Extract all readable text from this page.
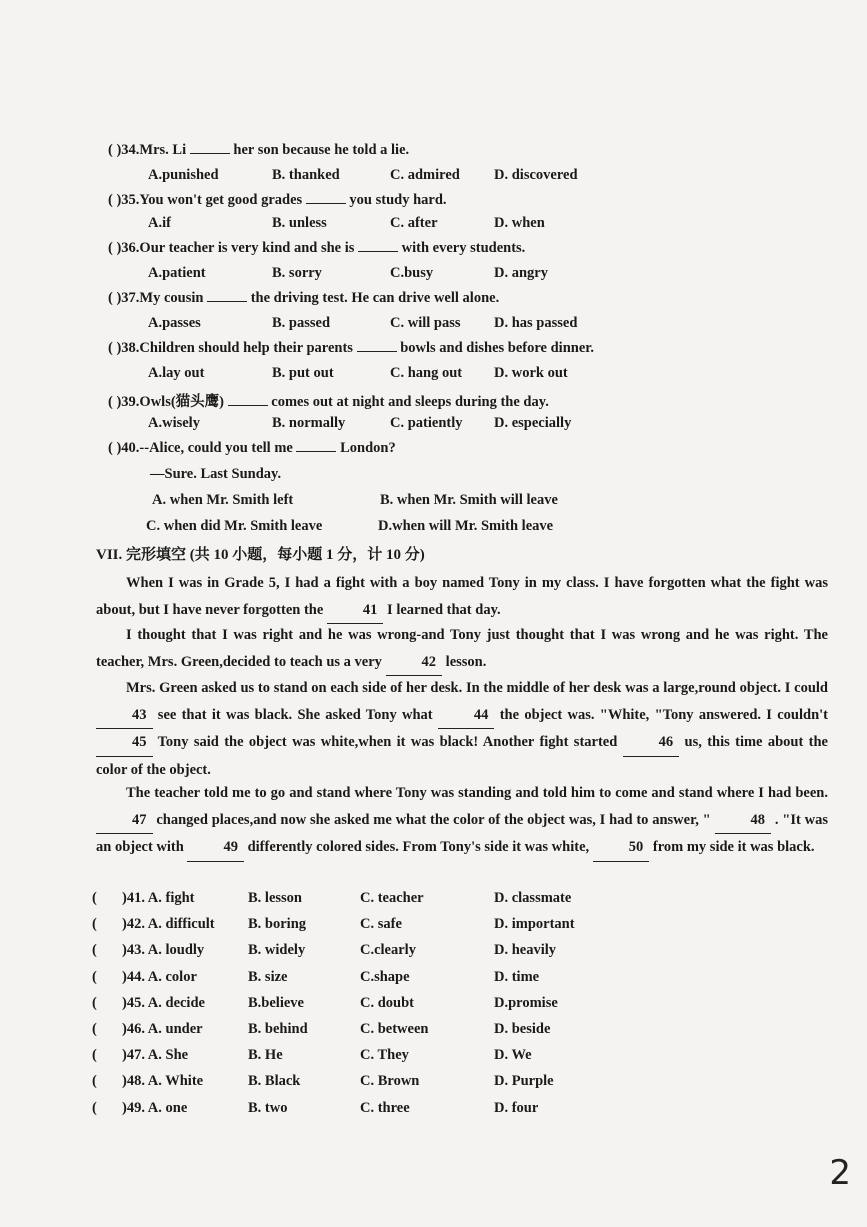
( )34.Mrs. Li	her son because he told a lie.
A.punished	B. thanked	C. admired D. discovered
( )35.You won't get good grades	you study hard.
A.if	B. unless	C. after	D. when
( )36.Our teacher is very kind and she is	with every students.
A.patient	B. sorry	C.busy	D. angry
( )37.My cousin	the driving test. He can drive well alone.
A.passes	B. passed	C. will pass D. has passed
( )38.Children should help their parents	bowls and dishes before dinner.
A.lay out	B. put out	C. hang out D. work out
( )39.Owls(猫头鹰)	comes out at night and sleeps during the day.
A.wisely	B. normally	C. patiently D. especially
( )40.--Alice, could you tell me	London?
—Sure. Last Sunday.
A. when Mr. Smith left	B. when Mr. Smith will leave
C. when did Mr. Smith leave	D.when will Mr. Smith leave
VII. 完形填空 (共 10 小题，每小题 1 分，计 10 分)
When I was in Grade 5, I had a fight with a boy named Tony in my class. I have forgotten what the fight was about, but I have never forgotten the 41 I learned that day.
I thought that I was right and he was wrong-and Tony just thought that I was wrong and he was right. The teacher, Mrs. Green,decided to teach us a very 42 lesson.
Mrs. Green asked us to stand on each side of her desk. In the middle of her desk was a large,round object. I could 43 see that it was black. She asked Tony what 44 the object was. "White, "Tony answered. I couldn't 45 Tony said the object was white,when it was black! Another fight started 46 us, this time about the color of the object.
The teacher told me to go and stand where Tony was standing and told him to come and stand where I had been. 47 changed places,and now she asked me what the color of the object was, I had to answer, " 48 . "It was an object with 49 differently colored sides. From Tony's side it was white, 50 from my side it was black.
( )41. A. fight	B. lesson	C. teacher	D. classmate
( )42. A. difficult B. boring	C. safe	D. important
( )43. A. loudly	B. widely	C.clearly	D. heavily
( )44. A. color	B. size	C.shape	D. time
( )45. A. decide	B.believe	C. doubt	D.promise
( )46. A. under	B. behind	C. between	D. beside
( )47. A. She	B. He	C. They	D. We
( )48. A. White	B. Black	C. Brown	D. Purple
( )49. A. one	B. two	C. three	D. four
2
